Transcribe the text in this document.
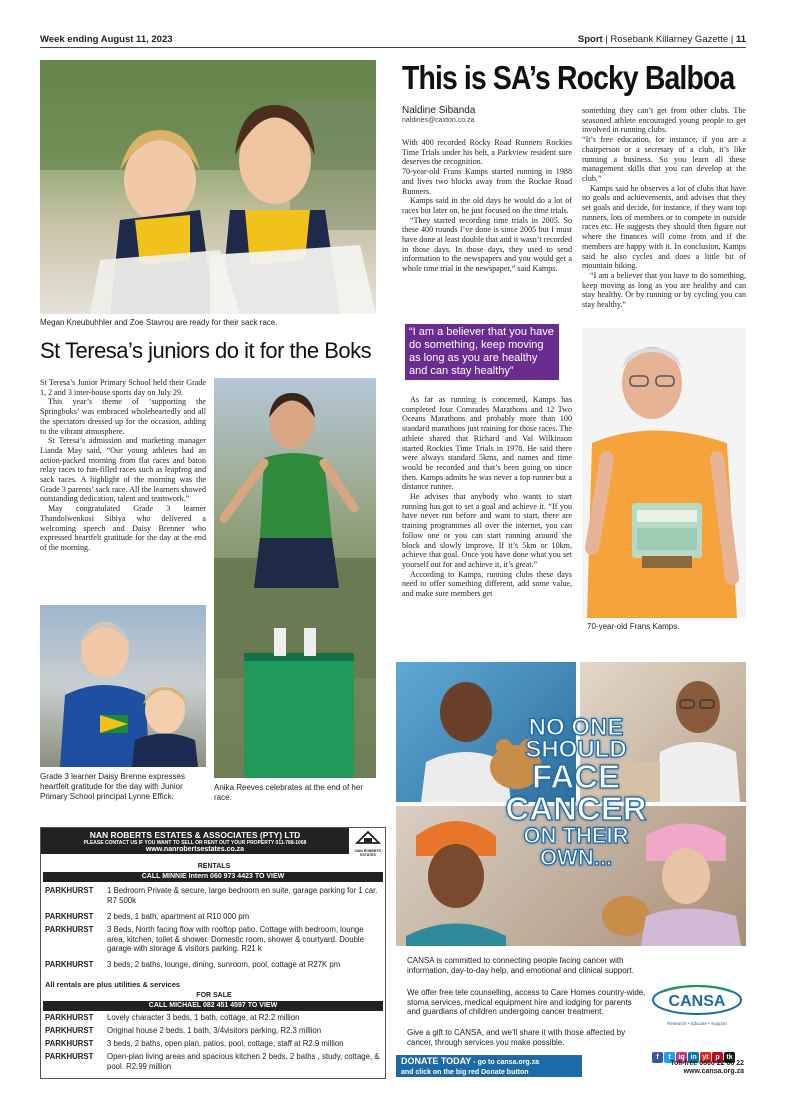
Week ending August 11, 2023	Sport | Rosebank Killarney Gazette | 11
Megan Kneubuhhler and Zoe Stavrou are ready for their sack race.
St Teresa’s juniors do it for the Boks

St Teresa’s Junior Primary School held their Grade 1, 2 and 3 inter-house sports day on July 29.

This year’s theme of ‘supporting the Springboks’ was embraced wholeheartedly and all the spectators dressed up for the occasion, adding to the vibrant atmosphere.

St Teresa’s admission and marketing manager Lianda May said, “Our young athletes had an action-packed morning from flat races and baton relay races to fun-filled races such as leapfrog and sack races. A highlight of the morning was the Grade 3 parents’ sack race. All the learners showed outstanding dedication, talent and teamwork.”

May congratulated Grade 3 learner Thandolwenkosi Sibiya who delivered a welcoming speech and Daisy Brenner who expressed heartfelt gratitude for the day at the end of the morning.

Grade 3 learner Daisy Brenne expresses heartfelt gratitude for the day with Junior Primary School principal Lynne Effick.
Anika Reeves celebrates at the end of her race.
This is SA’s Rocky Balboa
Naldine Sibanda
naldines@caxton.co.za

With 400 recorded Rocky Road Runners Rockies Time Trials under his belt, a Parkview resident sure deserves the recognition.

70-year-old Frans Kamps started running in 1988 and lives two blocks away from the Rockie Road Runners.

Kamps said in the old days he would do a lot of races but later on, he just focused on the time trials.

“They started recording time trials in 2005. So these 400 rounds I’ve done is since 2005 but I must have done at least double that and it wasn’t recorded in those days. In those days, they used to send information to the newspapers and you would get a whole time trial in the newspaper,” said Kamps.

something they can’t get from other clubs. The seasoned athlete encouraged young people to get involved in running clubs.

“It’s free education, for instance, if you are a chairperson or a secretary of a club, it’s like running a business. So you learn all these management skills that you can develop at the club.”

Kamps said he observes a lot of clubs that have no goals and achievements, and advises that they set goals and decide, for instance, if they want top runners, lots of members or to compete in outside races etc. He suggests they should then figure out where the finances will come from and if the members are happy with it. In conclusion, Kamps said he also cycles and does a little bit of mountain biking.

“I am a believer that you have to do something, keep moving as long as you are healthy and can stay healthy. Or by running or by cycling you can stay healthy.”

“I am a believer that you have do something, keep moving as long as you are healthy and can stay healthy”

As far as running is concerned, Kamps has completed four Comrades Marathons and 12 Two Oceans Marathons and probably more than 100 standard marathons just training for those races. The athlete shared that Richard and Val Wilkinson started Rockies Time Trials in 1978. He said there were always standard 5kms, and names and time would be recorded and that’s been going on since then. Kamps admits he was never a top runner but a distance runner.

He advises that anybody who wants to start running has got to set a goal and achieve it. “If you have never run before and want to start, there are training programmes all over the internet, you can follow one or you can start running around the block and slowly improve. If it’s 5km or 10km, achieve that goal. Once you have done what you set yourself out for and achieve it, it’s great.”

According to Kamps, running clubs these days need to offer something different, add some value, and make sure members get

70-year-old Frans Kamps.
NAN ROBERTS ESTATES & ASSOCIATES (PTY) LTD
PLEASE CONTACT US IF YOU WANT TO SELL OR RENT OUT YOUR PROPERTY 011-788-1068
www.nanrobertsestates.co.za	NAN ROBERTS ESTATES
RENTALS
CALL MINNIE Intern 060 973 4423 TO VIEW
PARKHURST	1 Bedroom Private & secure, large bedroom en suite, garage parking for 1 car. R7 500k
PARKHURST	2 beds, 1 bath, apartment at R10 000 pm
PARKHURST	3 Beds, North facing flow with rooftop patio. Cottage with bedroom, lounge area, kitchen, toilet & shower. Domestic room, shower & courtyard. Double garage with storage & visitors parking. R21 k
PARKHURST	3 beds, 2 baths, lounge, dining, sunroom, pool, cottage at R27K pm
All rentals are plus utilities & services
FOR SALE
CALL MICHAEL 082 451 4597 TO VIEW
PARKHURST	Lovely character 3 beds, 1 bath, cottage, at R2.2 million
PARKHURST	Original house 2 beds, 1 bath, 3/4visitors parking, R2.3 million
PARKHURST	3 beds, 2 baths, open plan, patios, pool, cottage, staff at R2.9 million
PARKHURST	Open-plan living areas and spacious kitchen 2 beds, 2 baths , study, cottage, & pool. R2.99 million
NO ONE
SHOULD
FACE
CANCER
ON THEIR
OWN...
CANSA is committed to connecting people facing cancer with information, day-to-day help, and emotional and clinical support.
We offer free tele counselling, access to Care Homes country-wide, stoma services, medical equipment hire and lodging for parents and guardians of children undergoing cancer treatment.
Give a gift to CANSA, and we’ll share it with those affected by cancer, through services you make possible.
DONATE TODAY - go to cansa.org.za
and click on the big red Donate button
CANSA
Research • Educate • Support
f t ig in yt p tk
Toll-free 0800 22 66 22
www.cansa.org.za
